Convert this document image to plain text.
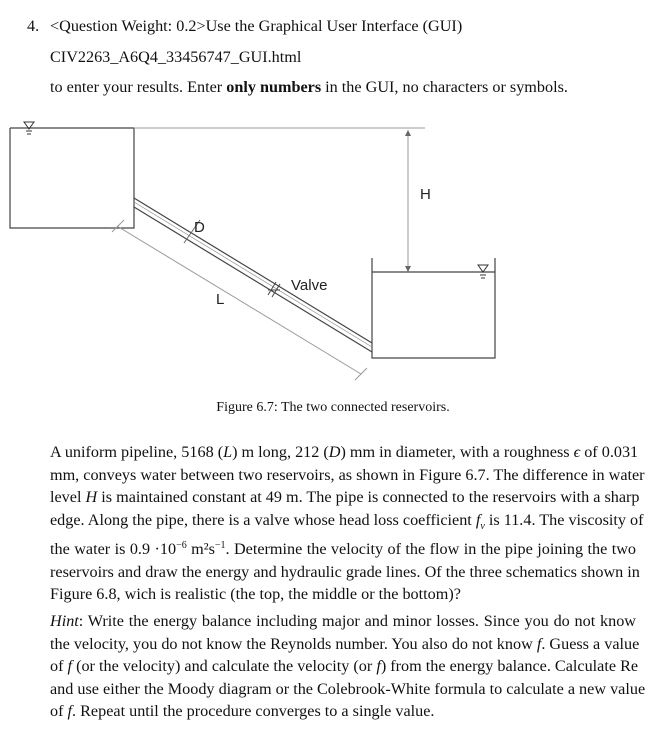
4. <Question Weight: 0.2>Use the Graphical User Interface (GUI)
CIV2263_A6Q4_33456747_GUI.html
to enter your results. Enter only numbers in the GUI, no characters or symbols.
H
D
L
Valve
Figure 6.7: The two connected reservoirs.
A uniform pipeline, 5168 (L) m long, 212 (D) mm in diameter, with a roughness ϵ of 0.031
mm, conveys water between two reservoirs, as shown in Figure 6.7. The difference in water
level H is maintained constant at 49 m. The pipe is connected to the reservoirs with a sharp
edge. Along the pipe, there is a valve whose head loss coefficient $f_v$ is 11.4. The viscosity of
the water is $0.9 \cdot 10^{-6}$ $m^2s^{-1}$. Determine the velocity of the flow in the pipe joining the two
reservoirs and draw the energy and hydraulic grade lines. Of the three schematics shown in
Figure 6.8, wich is realistic (the top, the middle or the bottom)?
Hint: Write the energy balance including major and minor losses. Since you do not know
the velocity, you do not know the Reynolds number. You also do not know f. Guess a value
of f (or the velocity) and calculate the velocity (or f) from the energy balance. Calculate Re
and use either the Moody diagram or the Colebrook-White formula to calculate a new value
of f. Repeat until the procedure converges to a single value.
